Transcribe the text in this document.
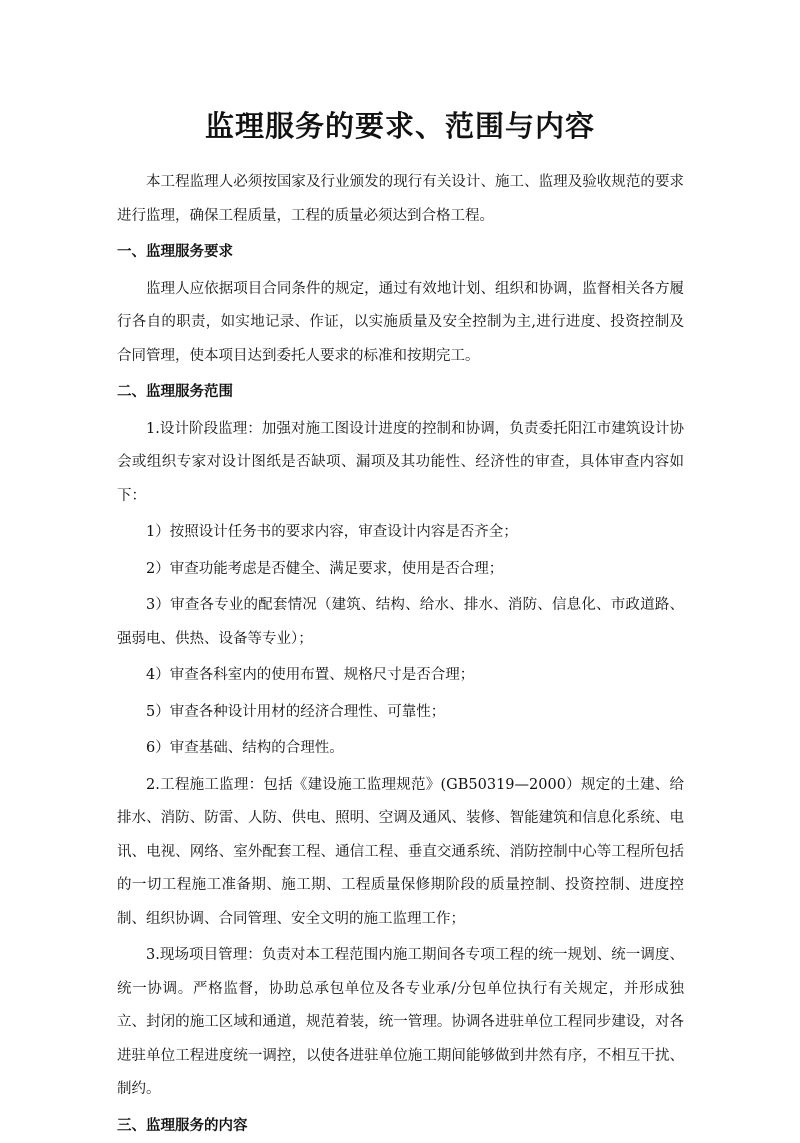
监理服务的要求、范围与内容

本工程监理人必须按国家及行业颁发的现行有关设计、施工、监理及验收规范的要求进行监理，确保工程质量，工程的质量必须达到合格工程。

一、监理服务要求

监理人应依据项目合同条件的规定，通过有效地计划、组织和协调，监督相关各方履行各自的职责，如实地记录、作证，以实施质量及安全控制为主,进行进度、投资控制及合同管理，使本项目达到委托人要求的标准和按期完工。

二、监理服务范围

1.设计阶段监理：加强对施工图设计进度的控制和协调，负责委托阳江市建筑设计协会或组织专家对设计图纸是否缺项、漏项及其功能性、经济性的审查，具体审查内容如下：

1）按照设计任务书的要求内容，审查设计内容是否齐全；

2）审查功能考虑是否健全、满足要求，使用是否合理；

3）审查各专业的配套情况（建筑、结构、给水、排水、消防、信息化、市政道路、强弱电、供热、设备等专业）；

4）审查各科室内的使用布置、规格尺寸是否合理；

5）审查各种设计用材的经济合理性、可靠性；

6）审查基础、结构的合理性。

2.工程施工监理：包括《建设施工监理规范》(GB50319—2000）规定的土建、给排水、消防、防雷、人防、供电、照明、空调及通风、装修、智能建筑和信息化系统、电讯、电视、网络、室外配套工程、通信工程、垂直交通系统、消防控制中心等工程所包括的一切工程施工准备期、施工期、工程质量保修期阶段的质量控制、投资控制、进度控制、组织协调、合同管理、安全文明的施工监理工作；

3.现场项目管理：负责对本工程范围内施工期间各专项工程的统一规划、统一调度、统一协调。严格监督，协助总承包单位及各专业承/分包单位执行有关规定，并形成独立、封闭的施工区域和通道，规范着装，统一管理。协调各进驻单位工程同步建设，对各进驻单位工程进度统一调控，以使各进驻单位施工期间能够做到井然有序，不相互干扰、制约。

三、监理服务的内容
